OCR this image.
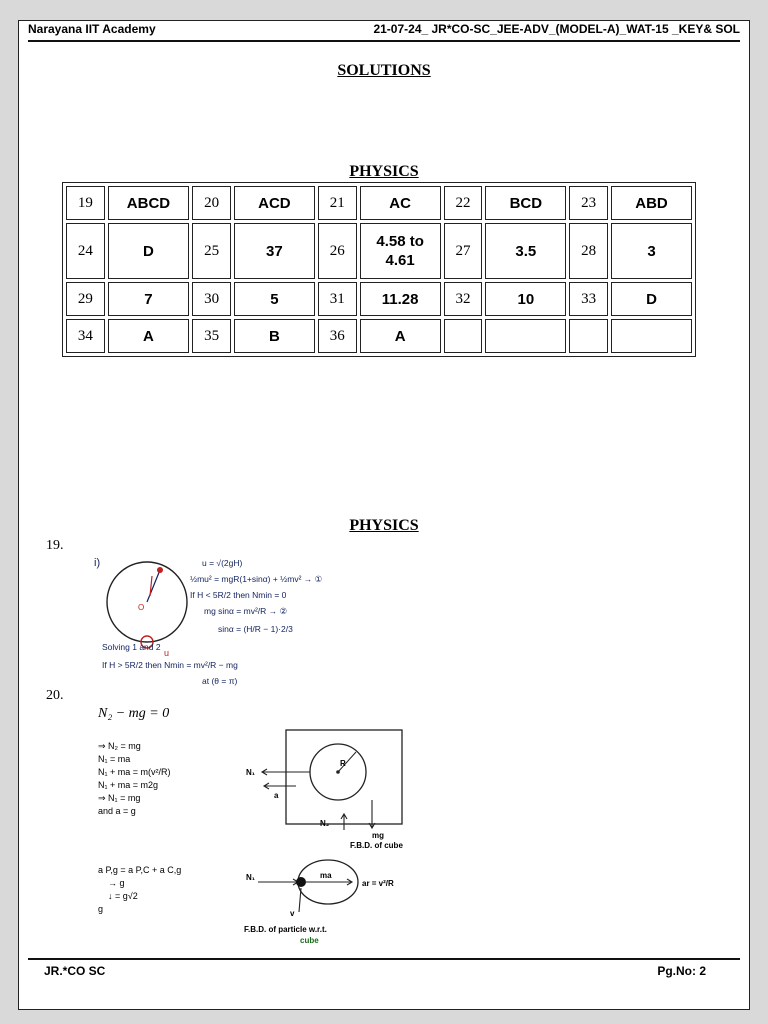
Narayana IIT Academy	21-07-24_ JR*CO-SC_JEE-ADV_(MODEL-A)_WAT-15 _KEY& SOL
SOLUTIONS
PHYSICS
19	ABCD	20	ACD	21	AC	22	BCD	23	ABD
24	D	25	37	26	4.58 to 4.61	27	3.5	28	3
29	7	30	5	31	11.28	32	10	33	D
34	A	35	B	36	A				
PHYSICS
19.
i)
O
u
u = √(2gH)
½mu² = mgR(1+sinα) + ½mv² → ①
If H < 5R/2 then Nmin = 0
mg sinα = mv²/R → ②
sinα = (H/R − 1)·2/3
Solving 1 and 2
If H > 5R/2 then Nmin = mv²/R − mg
at (θ = π)
20.
N₂ − mg = 0
⇒ N₂ = mg
N₁ = ma
N₁ + ma = m(v²/R)
N₁ + ma = m2g
⇒ N₁ = mg
and a = g
R
N₁
a
N₂
mg
F.B.D. of cube
a P,g = a P,C + a C,g
→ g
↓ = g√2
g
N₁	ma
ar = v²/R
v
F.B.D. of particle w.r.t.
cube
JR.*CO SC	Pg.No: 2
